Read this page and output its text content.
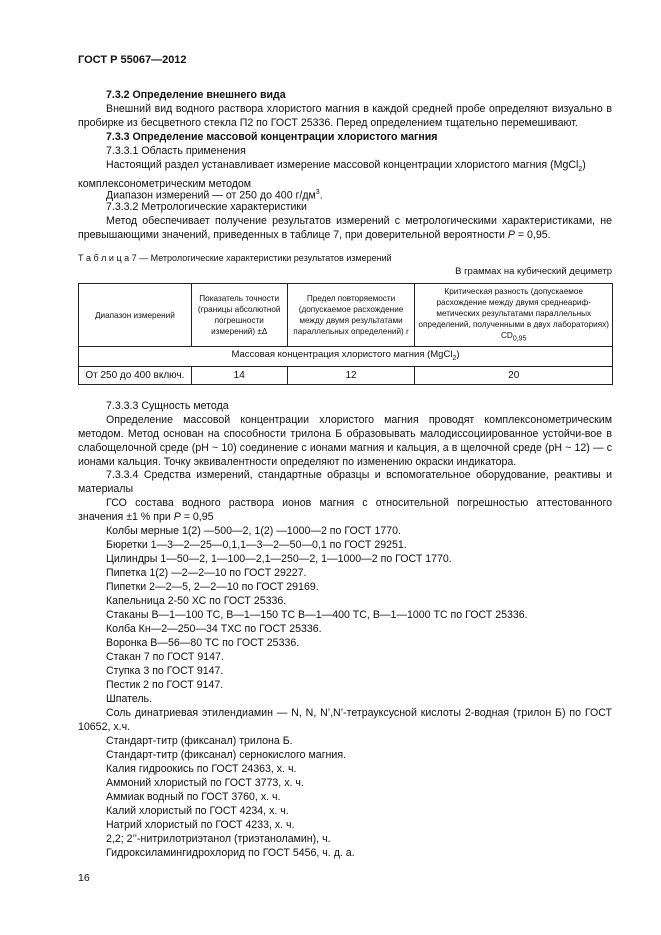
ГОСТ Р 55067—2012
7.3.2 Определение внешнего вида
Внешний вид водного раствора хлористого магния в каждой средней пробе определяют визуально в пробирке из бесцветного стекла П2 по ГОСТ 25336. Перед определением тщательно перемешивают.
7.3.3 Определение массовой концентрации хлористого магния
7.3.3.1 Область применения
Настоящий раздел устанавливает измерение массовой концентрации хлористого магния (MgCl$_2$) комплексонометрическим методом
Диапазон измерений — от 250 до 400 $г/дм^3$.
7.3.3.2 Метрологические характеристики
Метод обеспечивает получение результатов измерений с метрологическими характеристиками, не превышающими значений, приведенных в таблице 7, при доверительной вероятности P = 0,95.
Т а б л и ц а 7 — Метрологические характеристики результатов измерений
В граммах на кубический дециметр
Диапазон измерений	Показатель точности (границы абсолютной погрешности измерений) ±Δ	Предел повторяемости (допускаемое расхождение между двумя результатами параллельных определений) r	Критическая разность (допускаемое расхождение между двумя среднеариф-метических результатами параллельных определений, полученными в двух лабораториях) $CD_{0,95}$
Массовая концентрация хлористого магния (MgCl$_2$)			
От 250 до 400 включ.	14	12	20
7.3.3.3 Сущность метода
Определение массовой концентрации хлористого магния проводят комплексонометрическим методом. Метод основан на способности трилона Б образовывать малодиссоциированное устойчи-вое в слабощелочной среде (pH ~ 10) соединение с ионами магния и кальция, а в щелочной среде (pH ~ 12) — с ионами кальция. Точку эквивалентности определяют по изменению окраски индикатора.
7.3.3.4 Средства измерений, стандартные образцы и вспомогательное оборудование, реактивы и материалы
ГСО состава водного раствора ионов магния с относительной погрешностью аттестованного значения ±1 % при P = 0,95
Колбы мерные 1(2) —500—2, 1(2) —1000—2 по ГОСТ 1770.
Бюретки 1—3—2—25—0,1,1—3—2—50—0,1 по ГОСТ 29251.
Цилиндры 1—50—2, 1—100—2,1—250—2, 1—1000—2 по ГОСТ 1770.
Пипетка 1(2) —2—2—10 по ГОСТ 29227.
Пипетки 2—2—5, 2—2—10 по ГОСТ 29169.
Капельница 2-50 ХС по ГОСТ 25336.
Стаканы В—1—100 ТС, В—1—150 ТС В—1—400 ТС, В—1—1000 ТС по ГОСТ 25336.
Колба Кн—2—250—34 ТХС по ГОСТ 25336.
Воронка В—56—80 ТС по ГОСТ 25336.
Стакан 7 по ГОСТ 9147.
Ступка 3 по ГОСТ 9147.
Пестик 2 по ГОСТ 9147.
Шпатель.
Соль динатриевая этилендиамин — N, N, N’,N’-тетрауксусной кислоты 2-водная (трилон Б) по ГОСТ 10652, х.ч.
Стандарт-титр (фиксанал) трилона Б.
Стандарт-титр (фиксанал) сернокислого магния.
Калия гидроокись по ГОСТ 24363, х. ч.
Аммоний хлористый по ГОСТ 3773, х. ч.
Аммиак водный по ГОСТ 3760, х. ч.
Калий хлористый по ГОСТ 4234, х. ч.
Натрий хлористый по ГОСТ 4233, х. ч.
2,2; 2’’-нитрилотриэтанол (триэтаноламин), ч.
Гидроксиламингидрохлорид по ГОСТ 5456, ч. д. а.
16
